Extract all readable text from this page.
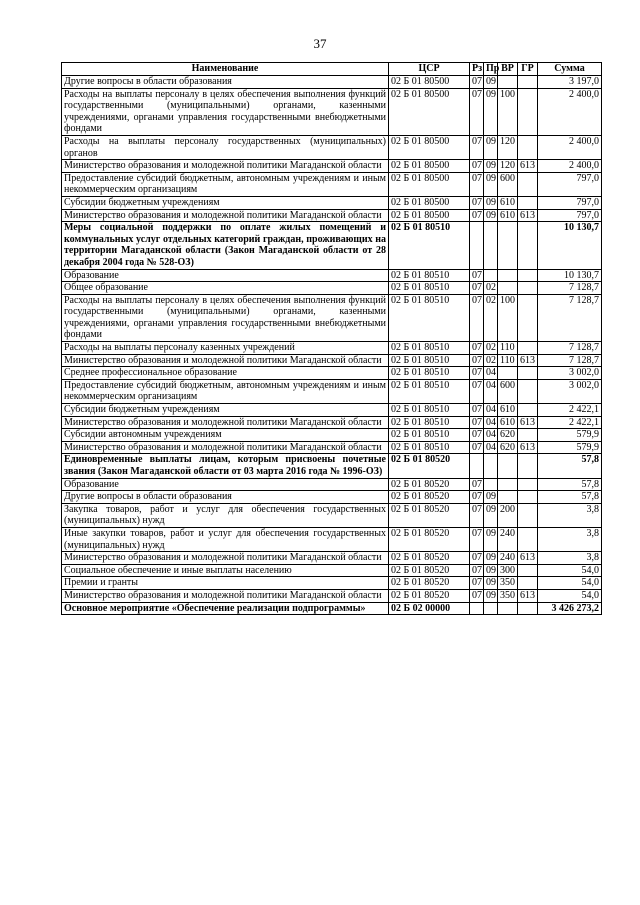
37
Наименование	ЦСР	Рз	Пр	ВР	ГР	Сумма
Другие вопросы в области образования	02 Б 01 80500	07	09			3 197,0
Расходы на выплаты персоналу в целях обеспечения выполнения функций государственными (муниципальными) органами, казенными учреждениями, органами управления государственными внебюджетными фондами	02 Б 01 80500	07	09	100		2 400,0
Расходы на выплаты персоналу государственных (муниципальных) органов	02 Б 01 80500	07	09	120		2 400,0
Министерство образования и молодежной политики Магаданской области	02 Б 01 80500	07	09	120	613	2 400,0
Предоставление субсидий бюджетным, автономным учреждениям и иным некоммерческим организациям	02 Б 01 80500	07	09	600		797,0
Субсидии бюджетным учреждениям	02 Б 01 80500	07	09	610		797,0
Министерство образования и молодежной политики Магаданской области	02 Б 01 80500	07	09	610	613	797,0
Меры социальной поддержки по оплате жилых помещений и коммунальных услуг отдельных категорий граждан, проживающих на территории Магаданской области (Закон Магаданской области от 28 декабря 2004 года № 528-ОЗ)	02 Б 01 80510					10 130,7
Образование	02 Б 01 80510	07				10 130,7
Общее образование	02 Б 01 80510	07	02			7 128,7
Расходы на выплаты персоналу в целях обеспечения выполнения функций государственными (муниципальными) органами, казенными учреждениями, органами управления государственными внебюджетными фондами	02 Б 01 80510	07	02	100		7 128,7
Расходы на выплаты персоналу казенных учреждений	02 Б 01 80510	07	02	110		7 128,7
Министерство образования и молодежной политики Магаданской области	02 Б 01 80510	07	02	110	613	7 128,7
Среднее профессиональное образование	02 Б 01 80510	07	04			3 002,0
Предоставление субсидий бюджетным, автономным учреждениям и иным некоммерческим организациям	02 Б 01 80510	07	04	600		3 002,0
Субсидии бюджетным учреждениям	02 Б 01 80510	07	04	610		2 422,1
Министерство образования и молодежной политики Магаданской области	02 Б 01 80510	07	04	610	613	2 422,1
Субсидии автономным учреждениям	02 Б 01 80510	07	04	620		579,9
Министерство образования и молодежной политики Магаданской области	02 Б 01 80510	07	04	620	613	579,9
Единовременные выплаты лицам, которым присвоены почетные звания (Закон Магаданской области от 03 марта 2016 года № 1996-ОЗ)	02 Б 01 80520					57,8
Образование	02 Б 01 80520	07				57,8
Другие вопросы в области образования	02 Б 01 80520	07	09			57,8
Закупка товаров, работ и услуг для обеспечения государственных (муниципальных) нужд	02 Б 01 80520	07	09	200		3,8
Иные закупки товаров, работ и услуг для обеспечения государственных (муниципальных) нужд	02 Б 01 80520	07	09	240		3,8
Министерство образования и молодежной политики Магаданской области	02 Б 01 80520	07	09	240	613	3,8
Социальное обеспечение и иные выплаты населению	02 Б 01 80520	07	09	300		54,0
Премии и гранты	02 Б 01 80520	07	09	350		54,0
Министерство образования и молодежной политики Магаданской области	02 Б 01 80520	07	09	350	613	54,0
Основное мероприятие «Обеспечение реализации подпрограммы»	02 Б 02 00000					3 426 273,2
